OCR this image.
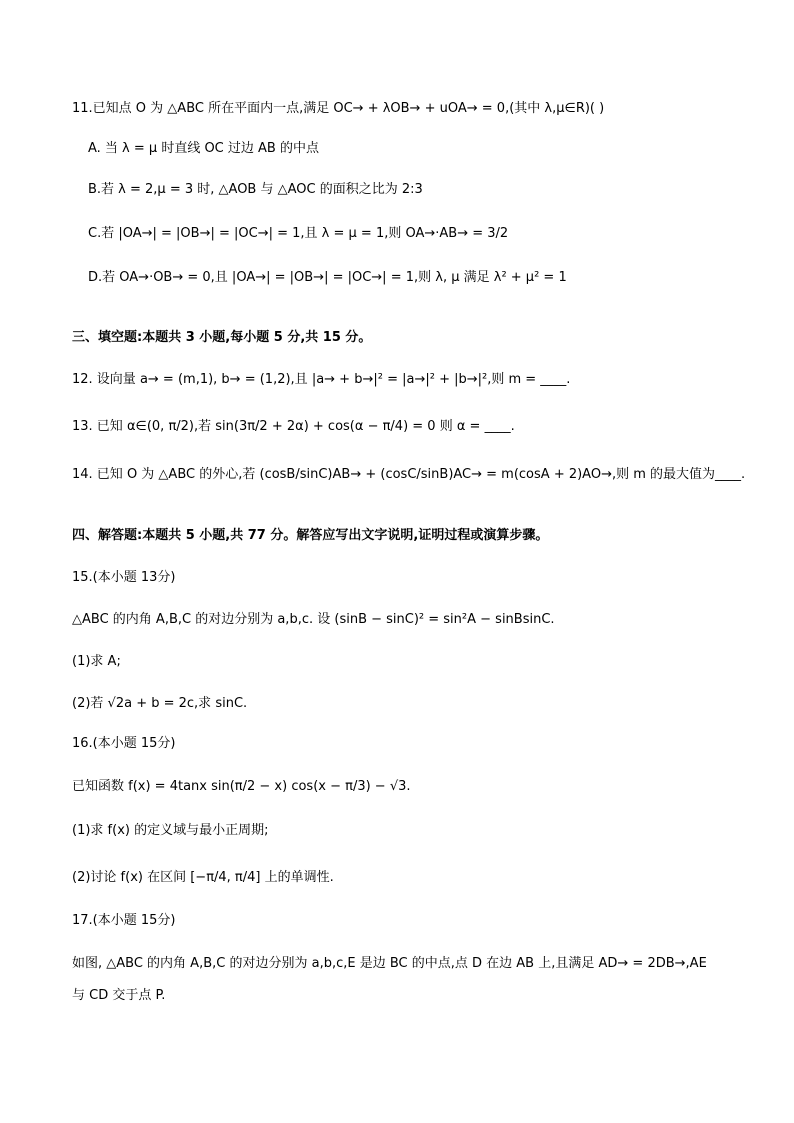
11.已知点 O 为 △ABC 所在平面内一点,满足 OC→ + λOB→ + uOA→ = 0,(其中 λ,μ∈R)( )
A. 当 λ = μ 时直线 OC 过边 AB 的中点
B.若 λ = 2,μ = 3 时, △AOB 与 △AOC 的面积之比为 2:3
C.若 |OA→| = |OB→| = |OC→| = 1,且 λ = μ = 1,则 OA→·AB→ = 3/2
D.若 OA→·OB→ = 0,且 |OA→| = |OB→| = |OC→| = 1,则 λ, μ 满足 λ² + μ² = 1
三、填空题:本题共 3 小题,每小题 5 分,共 15 分。
12. 设向量 a→ = (m,1), b→ = (1,2),且 |a→ + b→|² = |a→|² + |b→|²,则 m = ____.
13. 已知 α∈(0, π/2),若 sin(3π/2 + 2α) + cos(α − π/4) = 0 则 α = ____.
14. 已知 O 为 △ABC 的外心,若 (cosB/sinC)AB→ + (cosC/sinB)AC→ = m(cosA + 2)AO→,则 m 的最大值为____.
四、解答题:本题共 5 小题,共 77 分。解答应写出文字说明,证明过程或演算步骤。
15.(本小题 13分)
△ABC 的内角 A,B,C 的对边分别为 a,b,c. 设 (sinB − sinC)² = sin²A − sinBsinC.
(1)求 A;
(2)若 √2a + b = 2c,求 sinC.
16.(本小题 15分)
已知函数 f(x) = 4tanx sin(π/2 − x) cos(x − π/3) − √3.
(1)求 f(x) 的定义域与最小正周期;
(2)讨论 f(x) 在区间 [−π/4, π/4] 上的单调性.
17.(本小题 15分)
如图, △ABC 的内角 A,B,C 的对边分别为 a,b,c,E 是边 BC 的中点,点 D 在边 AB 上,且满足 AD→ = 2DB→,AE
与 CD 交于点 P.
